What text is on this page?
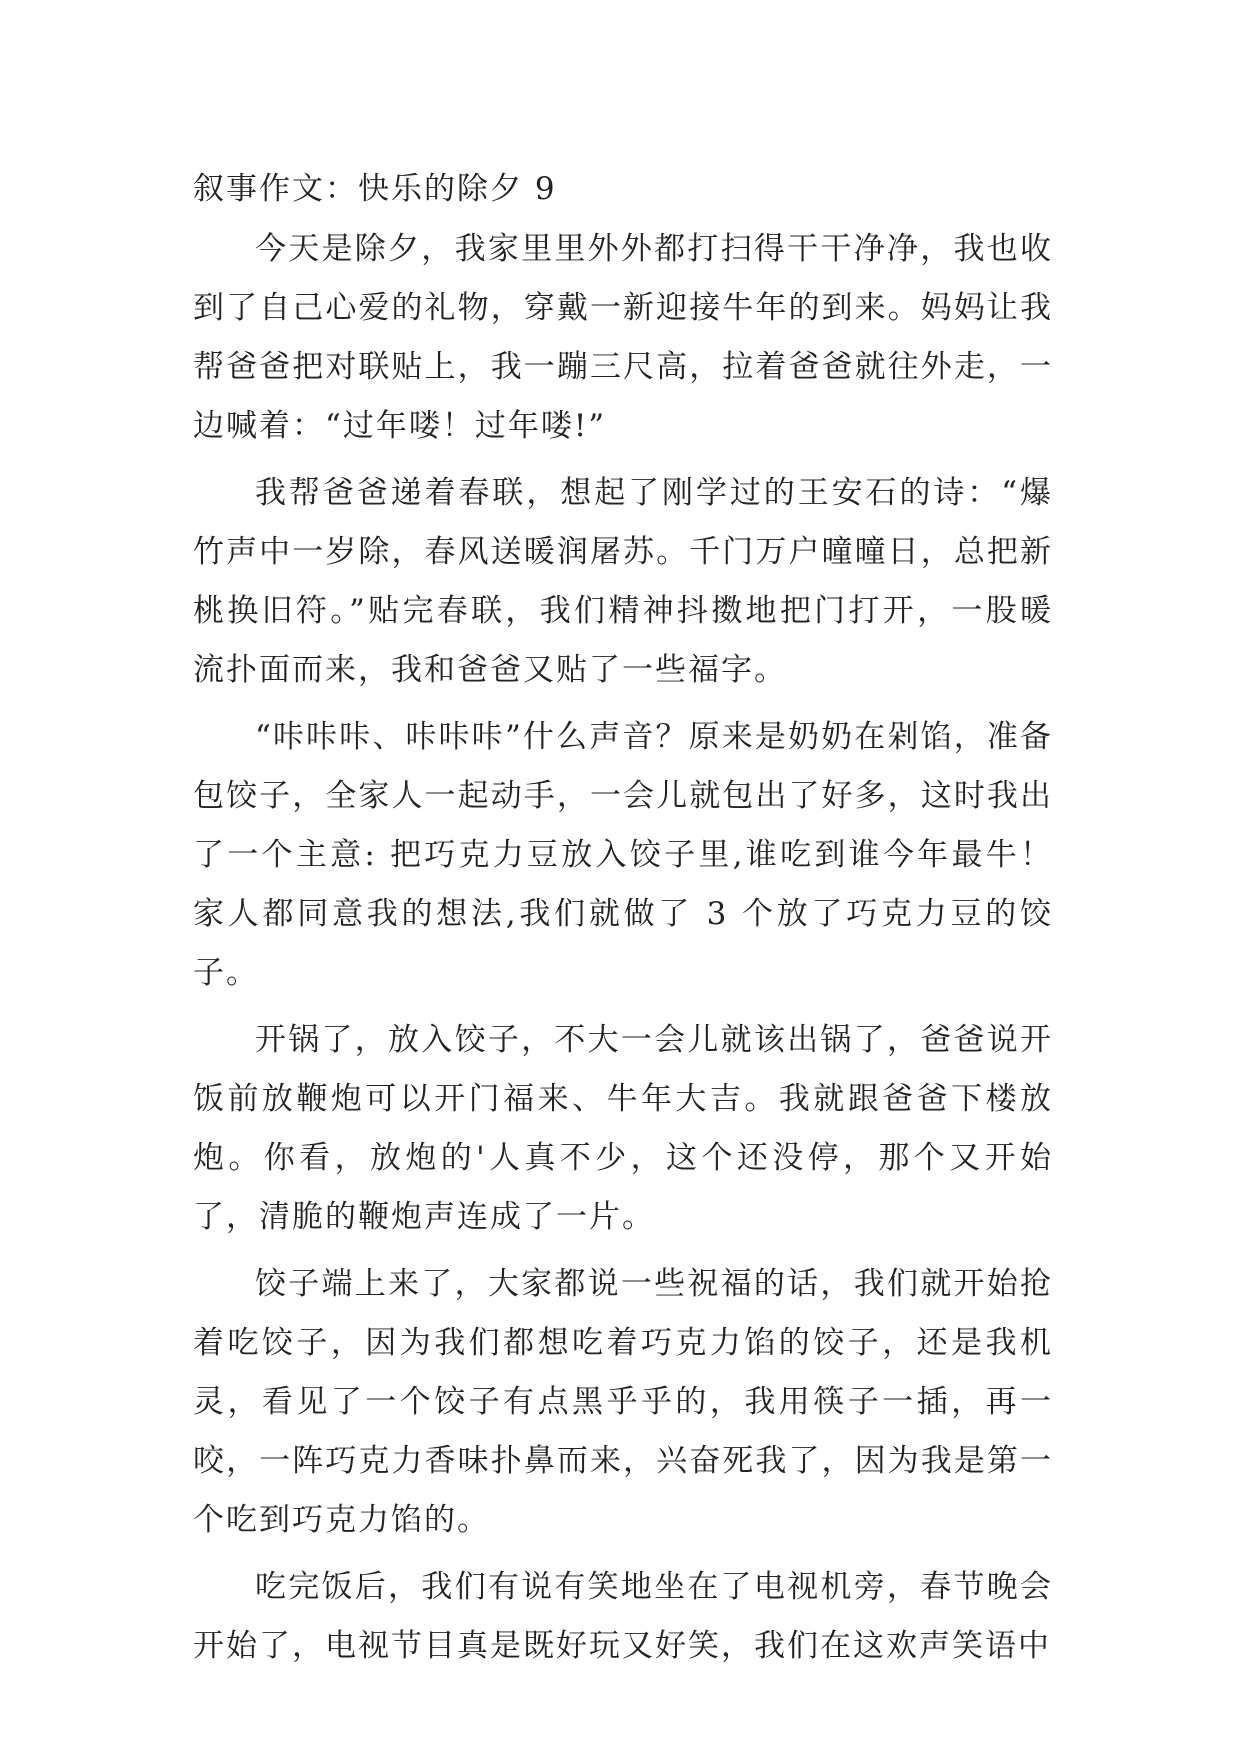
叙事作文：快乐的除夕 9

今天是除夕，我家里里外外都打扫得干干净净，我也收到了自己心爱的礼物，穿戴一新迎接牛年的到来。妈妈让我帮爸爸把对联贴上，我一蹦三尺高，拉着爸爸就往外走，一边喊着：“过年喽！过年喽!”

我帮爸爸递着春联，想起了刚学过的王安石的诗：“爆竹声中一岁除，春风送暖润屠苏。千门万户曈曈日，总把新桃换旧符。”贴完春联，我们精神抖擞地把门打开，一股暖流扑面而来，我和爸爸又贴了一些福字。

“咔咔咔、咔咔咔”什么声音？原来是奶奶在剁馅，准备包饺子，全家人一起动手，一会儿就包出了好多，这时我出了一个主意: 把巧克力豆放入饺子里,谁吃到谁今年最牛！家人都同意我的想法,我们就做了 3 个放了巧克力豆的饺子。

开锅了，放入饺子，不大一会儿就该出锅了，爸爸说开饭前放鞭炮可以开门福来、牛年大吉。我就跟爸爸下楼放炮。你看，放炮的'人真不少，这个还没停，那个又开始了，清脆的鞭炮声连成了一片。

饺子端上来了，大家都说一些祝福的话，我们就开始抢着吃饺子，因为我们都想吃着巧克力馅的饺子，还是我机灵，看见了一个饺子有点黑乎乎的，我用筷子一插，再一咬，一阵巧克力香味扑鼻而来，兴奋死我了，因为我是第一个吃到巧克力馅的。

吃完饭后，我们有说有笑地坐在了电视机旁，春节晚会开始了，电视节目真是既好玩又好笑，我们在这欢声笑语中
